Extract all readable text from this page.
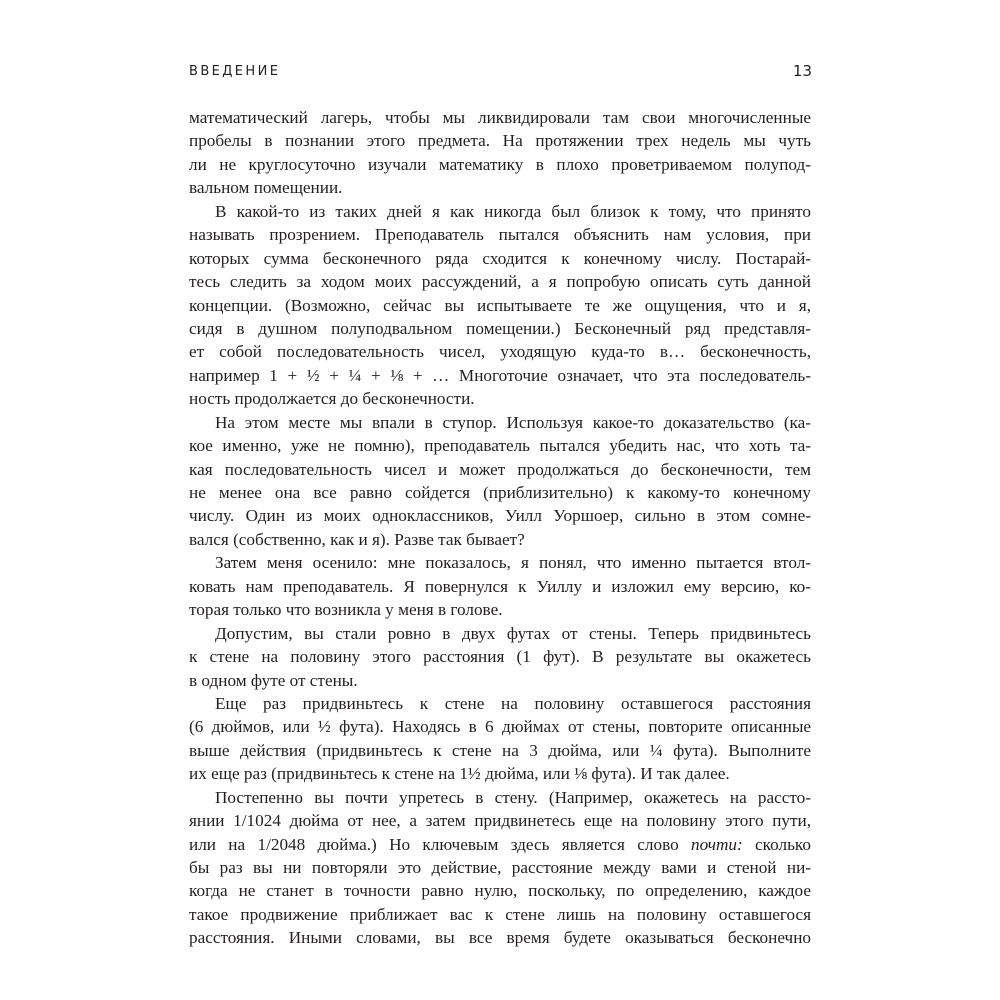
ВВЕДЕНИЕ	13
математический лагерь, чтобы мы ликвидировали там свои многочисленные
пробелы в познании этого предмета. На протяжении трех недель мы чуть
ли не круглосуточно изучали математику в плохо проветриваемом полупод-
вальном помещении.
В какой-то из таких дней я как никогда был близок к тому, что принято
называть прозрением. Преподаватель пытался объяснить нам условия, при
которых сумма бесконечного ряда сходится к конечному числу. Постарай-
тесь следить за ходом моих рассуждений, а я попробую описать суть данной
концепции. (Возможно, сейчас вы испытываете те же ощущения, что и я,
сидя в душном полуподвальном помещении.) Бесконечный ряд представля-
ет собой последовательность чисел, уходящую куда-то в… бесконечность,
например 1 + ½ + ¼ + ⅛ + … Многоточие означает, что эта последователь-
ность продолжается до бесконечности.
На этом месте мы впали в ступор. Используя какое-то доказательство (ка-
кое именно, уже не помню), преподаватель пытался убедить нас, что хоть та-
кая последовательность чисел и может продолжаться до бесконечности, тем
не менее она все равно сойдется (приблизительно) к какому-то конечному
числу. Один из моих одноклассников, Уилл Уоршоер, сильно в этом сомне-
вался (собственно, как и я). Разве так бывает?
Затем меня осенило: мне показалось, я понял, что именно пытается втол-
ковать нам преподаватель. Я повернулся к Уиллу и изложил ему версию, ко-
торая только что возникла у меня в голове.
Допустим, вы стали ровно в двух футах от стены. Теперь придвиньтесь
к стене на половину этого расстояния (1 фут). В результате вы окажетесь
в одном футе от стены.
Еще раз придвиньтесь к стене на половину оставшегося расстояния
(6 дюймов, или ½ фута). Находясь в 6 дюймах от стены, повторите описанные
выше действия (придвиньтесь к стене на 3 дюйма, или ¼ фута). Выполните
их еще раз (придвиньтесь к стене на 1½ дюйма, или ⅛ фута). И так далее.
Постепенно вы почти упретесь в стену. (Например, окажетесь на рассто-
янии 1/1024 дюйма от нее, а затем придвинетесь еще на половину этого пути,
или на 1/2048 дюйма.) Но ключевым здесь является слово почти: сколько
бы раз вы ни повторяли это действие, расстояние между вами и стеной ни-
когда не станет в точности равно нулю, поскольку, по определению, каждое
такое продвижение приближает вас к стене лишь на половину оставшегося
расстояния. Иными словами, вы все время будете оказываться бесконечно
